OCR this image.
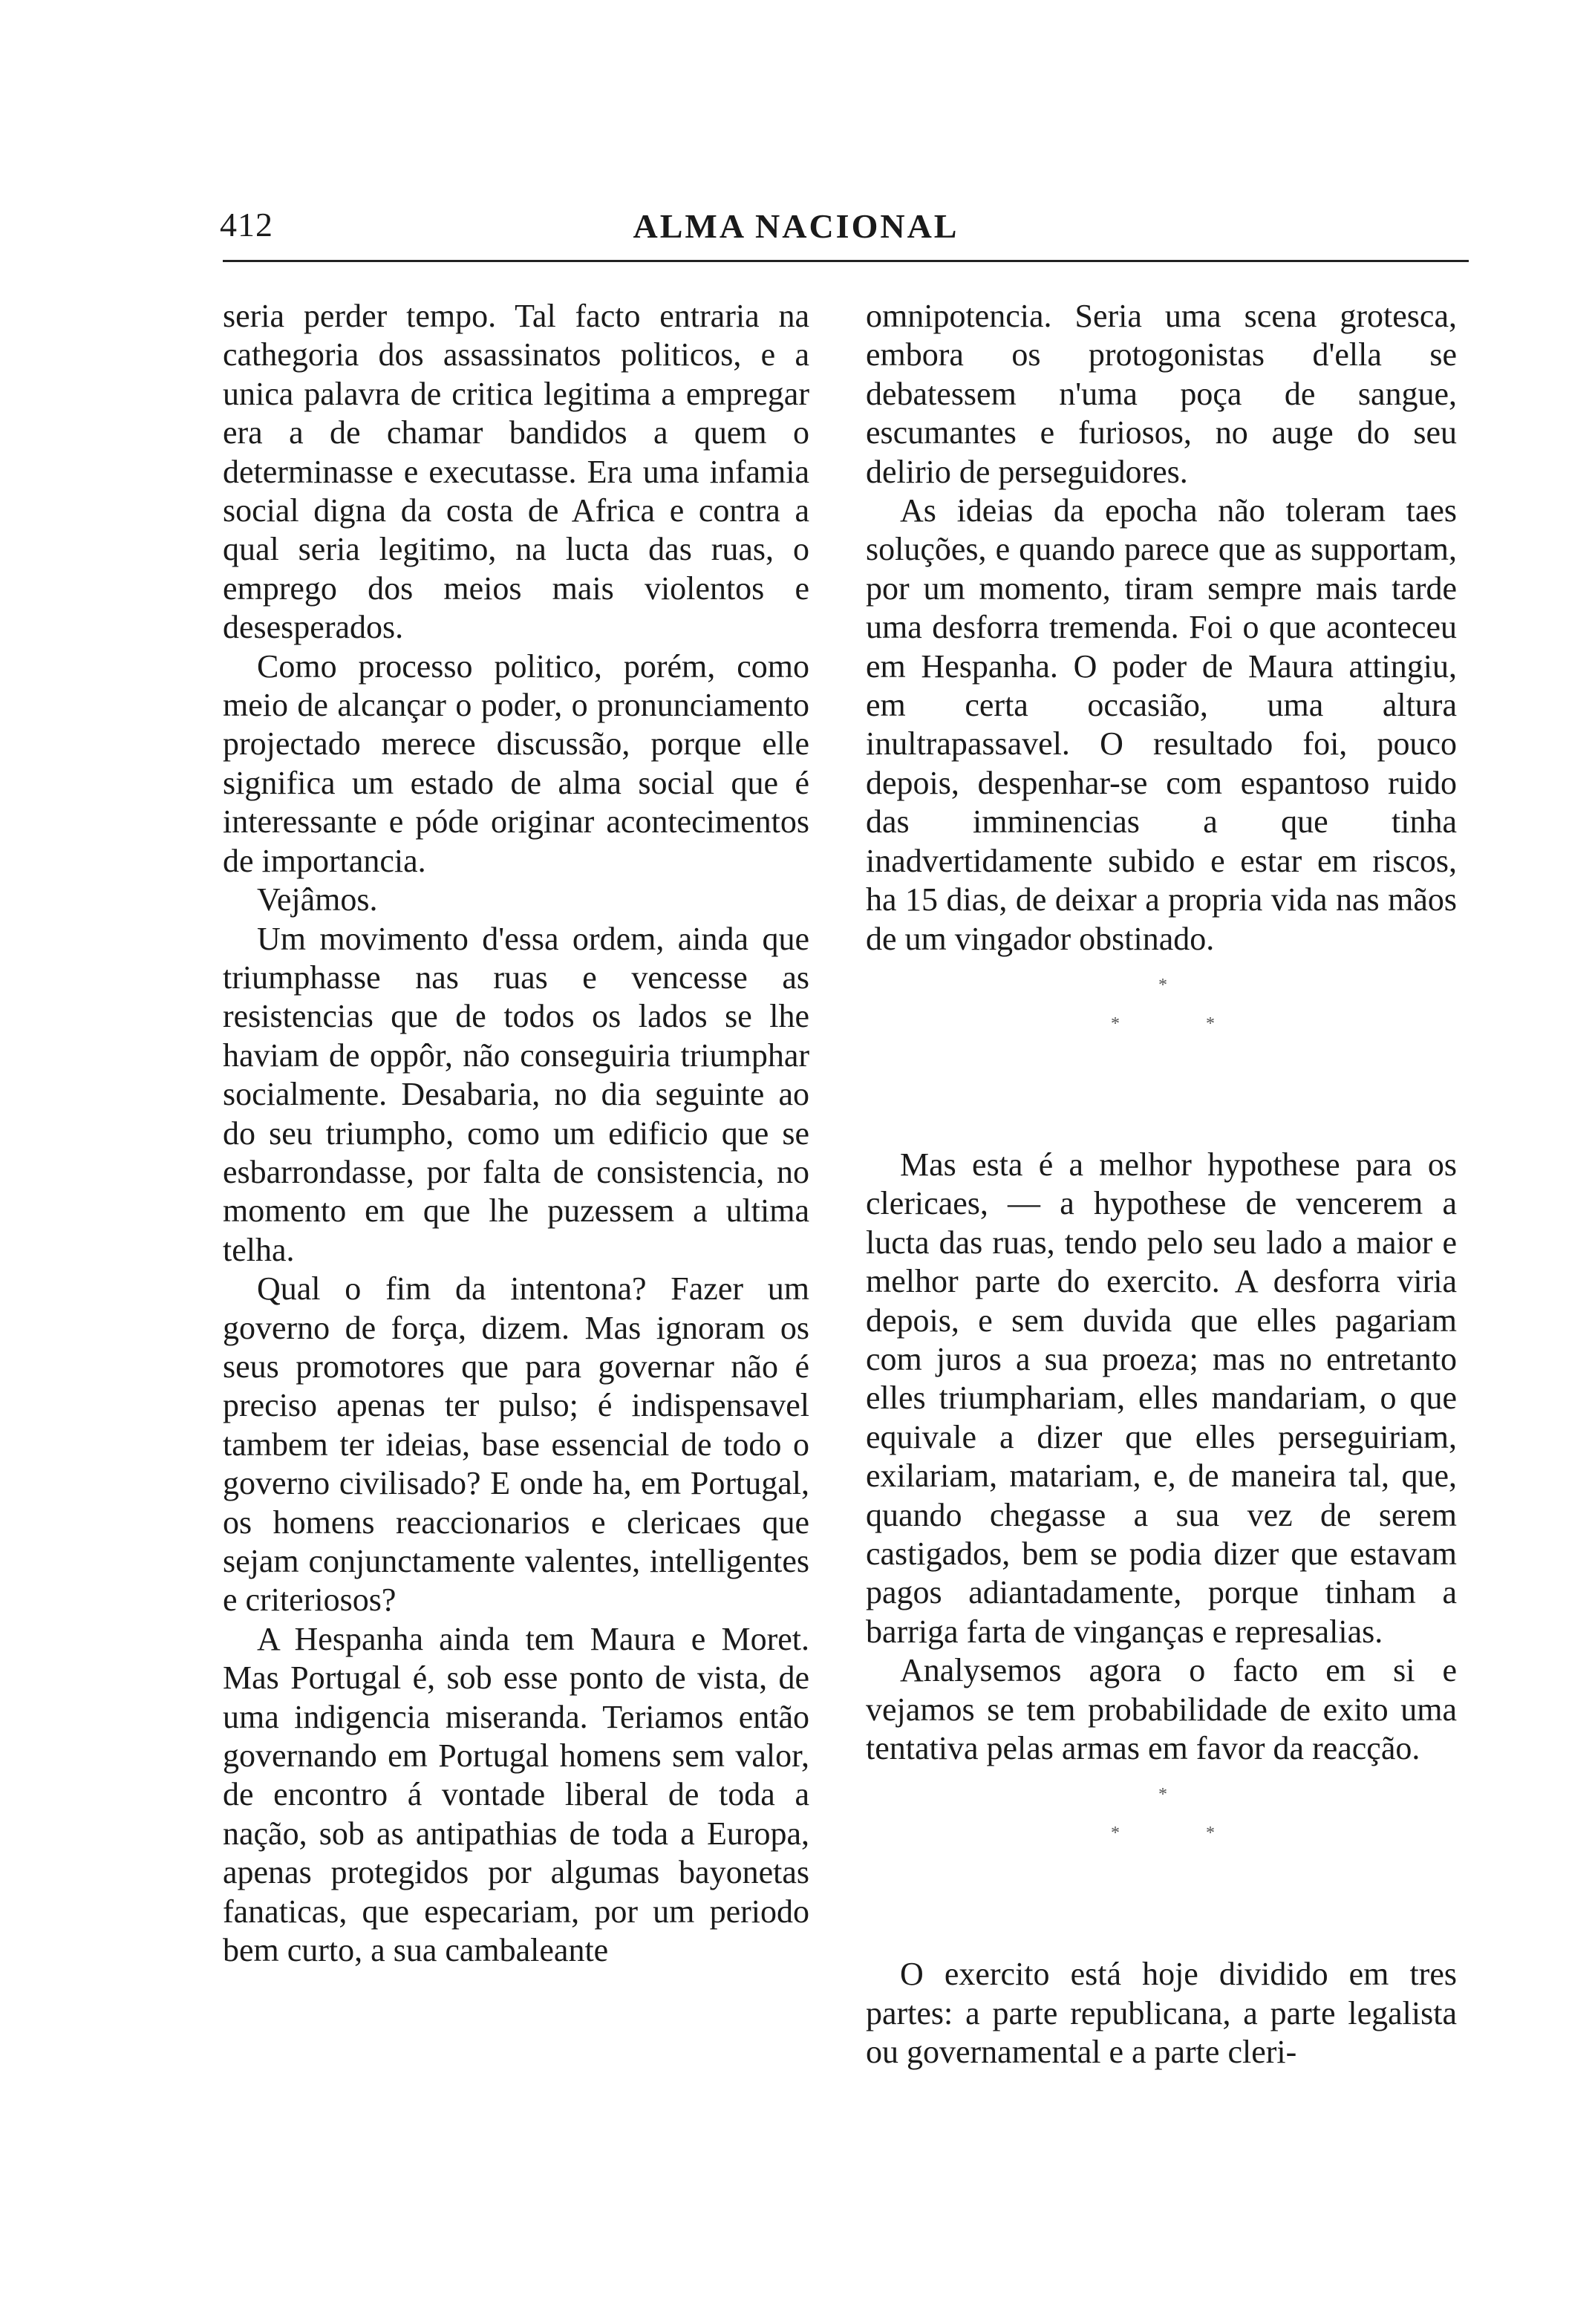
412	ALMA NACIONAL

seria perder tempo. Tal facto entraria na cathegoria dos assassinatos politicos, e a unica palavra de critica legitima a empregar era a de chamar bandidos a quem o determinasse e executasse. Era uma infamia social digna da costa de Africa e contra a qual seria legitimo, na lucta das ruas, o emprego dos meios mais violentos e desesperados.

Como processo politico, porém, como meio de alcançar o poder, o pronunciamento projectado merece discussão, porque elle significa um estado de alma social que é interessante e póde originar acontecimentos de importancia.

Vejâmos.

Um movimento d'essa ordem, ainda que triumphasse nas ruas e vencesse as resistencias que de todos os lados se lhe haviam de oppôr, não conseguiria triumphar socialmente. Desabaria, no dia seguinte ao do seu triumpho, como um edificio que se esbarrondasse, por falta de consistencia, no momento em que lhe puzessem a ultima telha.

Qual o fim da intentona? Fazer um governo de força, dizem. Mas ignoram os seus promotores que para governar não é preciso apenas ter pulso; é indispensavel tambem ter ideias, base essencial de todo o governo civilisado? E onde ha, em Portugal, os homens reaccionarios e clericaes que sejam conjunctamente valentes, intelligentes e criteriosos?

A Hespanha ainda tem Maura e Moret. Mas Portugal é, sob esse ponto de vista, de uma indigencia miseranda. Teriamos então governando em Portugal homens sem valor, de encontro á vontade liberal de toda a nação, sob as antipathias de toda a Europa, apenas protegidos por algumas bayonetas fanaticas, que especariam, por um periodo bem curto, a sua cambaleante

omnipotencia. Seria uma scena grotesca, embora os protogonistas d'ella se debatessem n'uma poça de sangue, escumantes e furiosos, no auge do seu delirio de perseguidores.

As ideias da epocha não toleram taes soluções, e quando parece que as supportam, por um momento, tiram sempre mais tarde uma desforra tremenda. Foi o que aconteceu em Hespanha. O poder de Maura attingiu, em certa occasião, uma altura inultrapassavel. O resultado foi, pouco depois, despenhar-se com espantoso ruido das imminencias a que tinha inadvertidamente subido e estar em riscos, ha 15 dias, de deixar a propria vida nas mãos de um vingador obstinado.

*
*	*

Mas esta é a melhor hypothese para os clericaes, — a hypothese de vencerem a lucta das ruas, tendo pelo seu lado a maior e melhor parte do exercito. A desforra viria depois, e sem duvida que elles pagariam com juros a sua proeza; mas no entretanto elles triumphariam, elles mandariam, o que equivale a dizer que elles perseguiriam, exilariam, matariam, e, de maneira tal, que, quando chegasse a sua vez de serem castigados, bem se podia dizer que estavam pagos adiantadamente, porque tinham a barriga farta de vinganças e represalias.

Analysemos agora o facto em si e vejamos se tem probabilidade de exito uma tentativa pelas armas em favor da reacção.

*
*	*

O exercito está hoje dividido em tres partes: a parte republicana, a parte legalista ou governamental e a parte cleri-
